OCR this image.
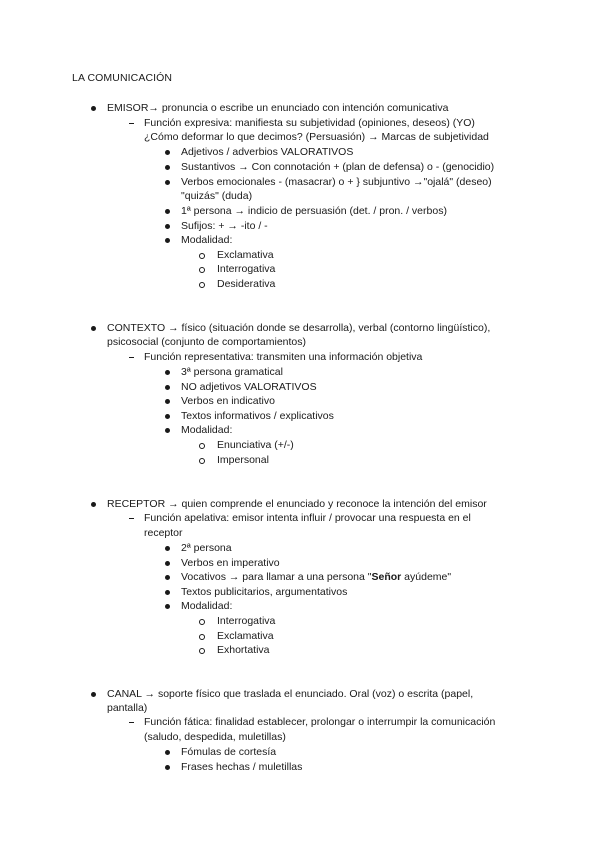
LA COMUNICACIÓN
EMISOR→ pronuncia o escribe un enunciado con intención comunicativa
Función expresiva: manifiesta su subjetividad (opiniones, deseos) (YO)
¿Cómo deformar lo que decimos? (Persuasión) → Marcas de subjetividad
Adjetivos / adverbios VALORATIVOS
Sustantivos → Con connotación + (plan de defensa) o - (genocidio)
Verbos emocionales - (masacrar) o + } subjuntivo →"ojalá" (deseo)
"quizás" (duda)
1ª persona → indicio de persuasión (det. / pron. / verbos)
Sufijos: + → -ito / -
Modalidad:
Exclamativa
Interrogativa
Desiderativa
CONTEXTO → físico (situación donde se desarrolla), verbal (contorno lingüístico),
psicosocial (conjunto de comportamientos)
Función representativa: transmiten una información objetiva
3ª persona gramatical
NO adjetivos VALORATIVOS
Verbos en indicativo
Textos informativos / explicativos
Modalidad:
Enunciativa (+/-)
Impersonal
RECEPTOR → quien comprende el enunciado y reconoce la intención del emisor
Función apelativa: emisor intenta influir / provocar una respuesta en el
receptor
2ª persona
Verbos en imperativo
Vocativos → para llamar a una persona "Señor ayúdeme"
Textos publicitarios, argumentativos
Modalidad:
Interrogativa
Exclamativa
Exhortativa
CANAL → soporte físico que traslada el enunciado. Oral (voz) o escrita (papel,
pantalla)
Función fática: finalidad establecer, prolongar o interrumpir la comunicación
(saludo, despedida, muletillas)
Fómulas de cortesía
Frases hechas / muletillas
